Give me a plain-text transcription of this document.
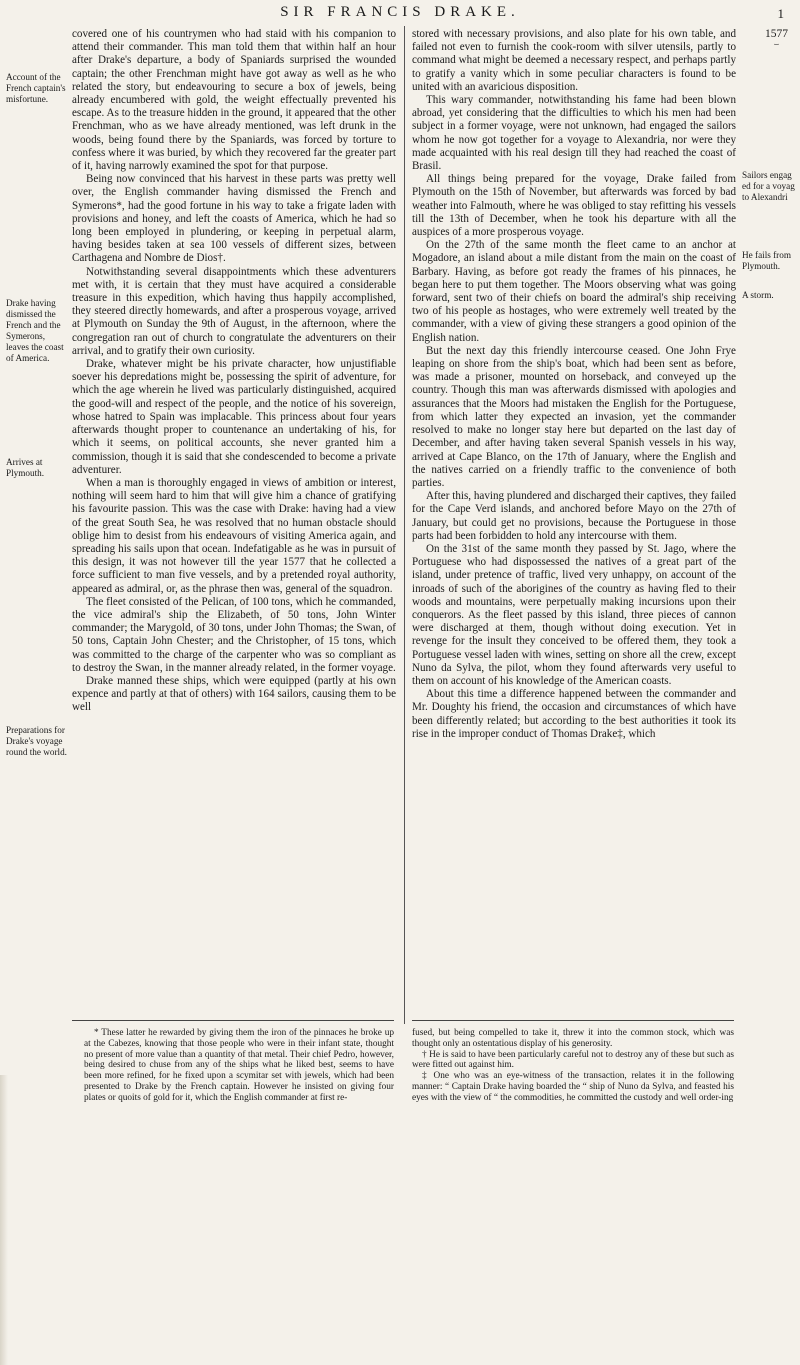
SIR FRANCIS DRAKE.	1
1577
⌣
Account of the French captain's misfortune.
Drake having dismissed the French and the Symerons, leaves the coast of America.
Arrives at Plymouth.
Preparations for Drake's voyage round the world.
Sailors engag ed for a voyag to Alexandri
He fails from Plymouth.
A storm.

covered one of his countrymen who had staid with his companion to attend their commander. This man told them that within half an hour after Drake's departure, a body of Spaniards surprised the wounded captain; the other Frenchman might have got away as well as he who related the story, but endeavouring to secure a box of jewels, being already encumbered with gold, the weight effectually prevented his escape. As to the treasure hidden in the ground, it appeared that the other Frenchman, who as we have already mentioned, was left drunk in the woods, being found there by the Spaniards, was forced by torture to confess where it was buried, by which they recovered far the greater part of it, having narrowly examined the spot for that purpose.

Being now convinced that his harvest in these parts was pretty well over, the English commander having dismissed the French and Symerons*, had the good fortune in his way to take a frigate laden with provisions and honey, and left the coasts of America, which he had so long been employed in plundering, or keeping in perpetual alarm, having besides taken at sea 100 vessels of different sizes, between Carthagena and Nombre de Dios†.

Notwithstanding several disappointments which these adventurers met with, it is certain that they must have acquired a considerable treasure in this expedition, which having thus happily accomplished, they steered directly homewards, and after a prosperous voyage, arrived at Plymouth on Sunday the 9th of August, in the afternoon, where the congregation ran out of church to congratulate the adventurers on their arrival, and to gratify their own curiosity.

Drake, whatever might be his private character, how unjustifiable soever his depredations might be, possessing the spirit of adventure, for which the age wherein he lived was particularly distinguished, acquired the good-will and respect of the people, and the notice of his sovereign, whose hatred to Spain was implacable. This princess about four years afterwards thought proper to countenance an undertaking of his, for which it seems, on political accounts, she never granted him a commission, though it is said that she condescended to become a private adventurer.

When a man is thoroughly engaged in views of ambition or interest, nothing will seem hard to him that will give him a chance of gratifying his favourite passion. This was the case with Drake: having had a view of the great South Sea, he was resolved that no human obstacle should oblige him to desist from his endeavours of visiting America again, and spreading his sails upon that ocean. Indefatigable as he was in pursuit of this design, it was not however till the year 1577 that he collected a force sufficient to man five vessels, and by a pretended royal authority, appeared as admiral, or, as the phrase then was, general of the squadron.

The fleet consisted of the Pelican, of 100 tons, which he commanded, the vice admiral's ship the Elizabeth, of 50 tons, John Winter commander; the Marygold, of 30 tons, under John Thomas; the Swan, of 50 tons, Captain John Chester; and the Christopher, of 15 tons, which was committed to the charge of the carpenter who was so compliant as to destroy the Swan, in the manner already related, in the former voyage.

Drake manned these ships, which were equipped (partly at his own expence and partly at that of others) with 164 sailors, causing them to be well

stored with necessary provisions, and also plate for his own table, and failed not even to furnish the cook-room with silver utensils, partly to command what might be deemed a necessary respect, and perhaps partly to gratify a vanity which in some peculiar characters is found to be united with an avaricious disposition.

This wary commander, notwithstanding his fame had been blown abroad, yet considering that the difficulties to which his men had been subject in a former voyage, were not unknown, had engaged the sailors whom he now got together for a voyage to Alexandria, nor were they made acquainted with his real design till they had reached the coast of Brasil.

All things being prepared for the voyage, Drake failed from Plymouth on the 15th of November, but afterwards was forced by bad weather into Falmouth, where he was obliged to stay refitting his vessels till the 13th of December, when he took his departure with all the auspices of a more prosperous voyage.

On the 27th of the same month the fleet came to an anchor at Mogadore, an island about a mile distant from the main on the coast of Barbary. Having, as before got ready the frames of his pinnaces, he began here to put them together. The Moors observing what was going forward, sent two of their chiefs on board the admiral's ship receiving two of his people as hostages, who were extremely well treated by the commander, with a view of giving these strangers a good opinion of the English nation.

But the next day this friendly intercourse ceased. One John Frye leaping on shore from the ship's boat, which had been sent as before, was made a prisoner, mounted on horseback, and conveyed up the country. Though this man was afterwards dismissed with apologies and assurances that the Moors had mistaken the English for the Portuguese, from which latter they expected an invasion, yet the commander resolved to make no longer stay here but departed on the last day of December, and after having taken several Spanish vessels in his way, arrived at Cape Blanco, on the 17th of January, where the English and the natives carried on a friendly traffic to the convenience of both parties.

After this, having plundered and discharged their captives, they failed for the Cape Verd islands, and anchored before Mayo on the 27th of January, but could get no provisions, because the Portuguese in those parts had been forbidden to hold any intercourse with them.

On the 31st of the same month they passed by St. Jago, where the Portuguese who had dispossessed the natives of a great part of the island, under pretence of traffic, lived very unhappy, on account of the inroads of such of the aborigines of the country as having fled to their woods and mountains, were perpetually making incursions upon their conquerors. As the fleet passed by this island, three pieces of cannon were discharged at them, though without doing execution. Yet in revenge for the insult they conceived to be offered them, they took a Portuguese vessel laden with wines, setting on shore all the crew, except Nuno da Sylva, the pilot, whom they found afterwards very useful to them on account of his knowledge of the American coasts.

About this time a difference happened between the commander and Mr. Doughty his friend, the occasion and circumstances of which have been differently related; but according to the best authorities it took its rise in the improper conduct of Thomas Drake‡, which

* These latter he rewarded by giving them the iron of the pinnaces he broke up at the Cabezes, knowing that those people who were in their infant state, thought no present of more value than a quantity of that metal. Their chief Pedro, however, being desired to chuse from any of the ships what he liked best, seems to have been more refined, for he fixed upon a scymitar set with jewels, which had been presented to Drake by the French captain. However he insisted on giving four plates or quoits of gold for it, which the English commander at first re-

fused, but being compelled to take it, threw it into the common stock, which was thought only an ostentatious display of his generosity.

† He is said to have been particularly careful not to destroy any of these but such as were fitted out against him.

‡ One who was an eye-witness of the transaction, relates it in the following manner: “ Captain Drake having boarded the “ ship of Nuno da Sylva, and feasted his eyes with the view of “ the commodities, he committed the custody and well order-ing
